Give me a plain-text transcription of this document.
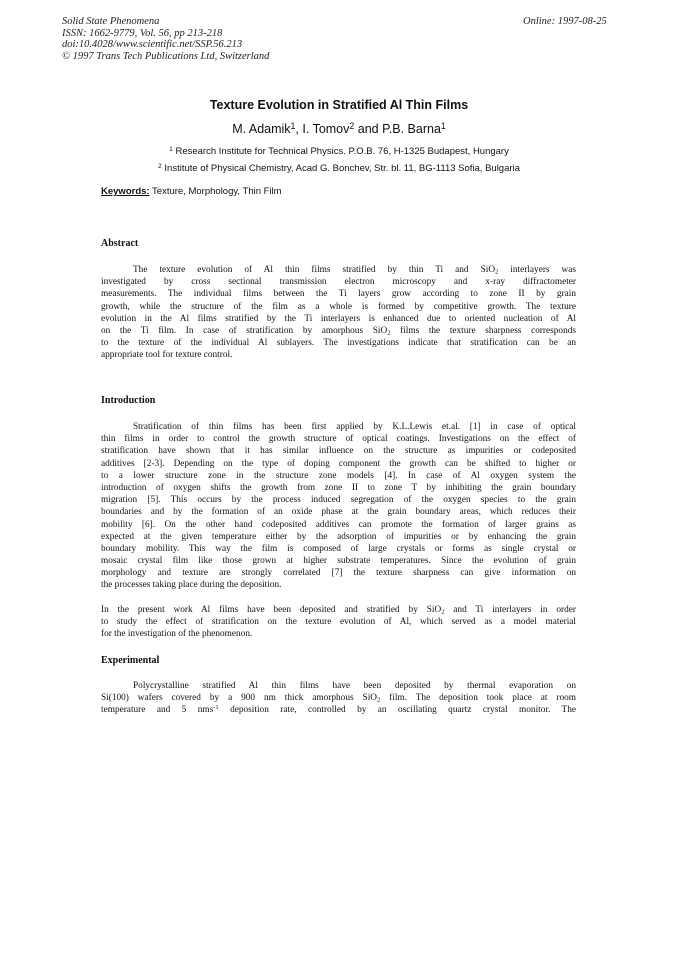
Solid State Phenomena
ISSN: 1662-9779, Vol. 56, pp 213-218
doi:10.4028/www.scientific.net/SSP.56.213
© 1997 Trans Tech Publications Ltd, Switzerland
Online: 1997-08-25
Texture Evolution in Stratified Al Thin Films
M. Adamik$^1$, I. Tomov$^2$ and P.B. Barna$^1$
$^1$ Research Institute for Technical Physics. P.O.B. 76, H-1325 Budapest, Hungary
$^2$ Institute of Physical Chemistry, Acad G. Bonchev, Str. bl. 11, BG-1113 Sofia, Bulgaria
Keywords: Texture, Morphology, Thin Film
Abstract
The texture evolution of Al thin films stratified by thin Ti and SiO$_2$ interlayers was
investigated by cross sectional transmission electron microscopy and x-ray diffractometer
measurements. The individual films between the Ti layers grow according to zone II by grain
growth, while the structure of the film as a whole is formed by competitive growth. The texture
evolution in the Al films stratified by the Ti interlayers is enhanced due to oriented nucleation of Al
on the Ti film. In case of stratification by amorphous SiO$_2$ films the texture sharpness corresponds
to the texture of the individual Al sublayers. The investigations indicate that stratification can be an
appropriate tool for texture control.
Introduction
Stratification of thin films has been first applied by K.L.Lewis et.al. [1] in case of optical
thin films in order to control the growth structure of optical coatings. Investigations on the effect of
stratification have shown that it has similar influence on the structure as impurities or codeposited
additives [2-3]. Depending on the type of doping component the growth can be shifted to higher or
to a lower structure zone in the structure zone models [4]. In case of Al oxygen system the
introduction of oxygen shifts the growth from zone II to zone T by inhibiting the grain boundary
migration [5]. This occurs by the process induced segregation of the oxygen species to the grain
boundaries and by the formation of an oxide phase at the grain boundary areas, which reduces their
mobility [6]. On the other hand codeposited additives can promote the formation of larger grains as
expected at the given temperature either by the adsorption of impurities or by enhancing the grain
boundary mobility. This way the film is composed of large crystals or forms as single crystal or
mosaic crystal film like those grown at higher substrate temperatures. Since the evolution of grain
morphology and texture are strongly correlated [7] the texture sharpness can give information on
the processes taking place during the deposition.
In the present work Al films have been deposited and stratified by SiO$_2$ and Ti interlayers in order
to study the effect of stratification on the texture evolution of Al, which served as a model material
for the investigation of the phenomenon.
Experimental
Polycrystalline stratified Al thin films have been deposited by thermal evaporation on
Si(100) wafers covered by a 900 nm thick amorphous SiO$_2$ film. The deposition took place at room
temperature and 5 nms$^{-1}$ deposition rate, controlled by an oscillating quartz crystal monitor. The
